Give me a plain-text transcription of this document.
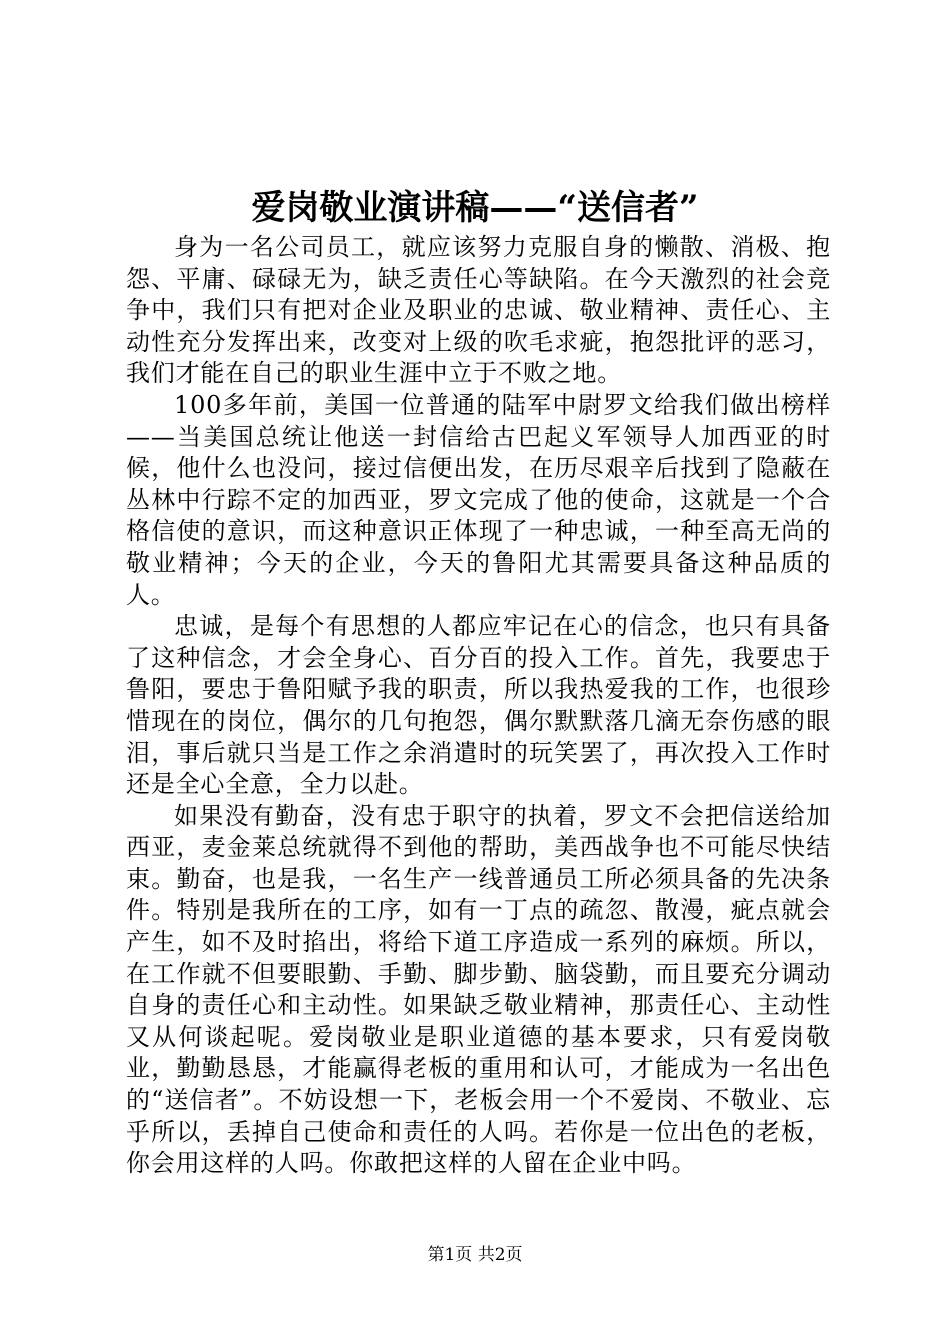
爱岗敬业演讲稿——“送信者”

身为一名公司员工，就应该努力克服自身的懒散、消极、抱怨、平庸、碌碌无为，缺乏责任心等缺陷。在今天激烈的社会竞争中，我们只有把对企业及职业的忠诚、敬业精神、责任心、主动性充分发挥出来，改变对上级的吹毛求疵，抱怨批评的恶习，我们才能在自己的职业生涯中立于不败之地。

100多年前，美国一位普通的陆军中尉罗文给我们做出榜样——当美国总统让他送一封信给古巴起义军领导人加西亚的时候，他什么也没问，接过信便出发，在历尽艰辛后找到了隐蔽在丛林中行踪不定的加西亚，罗文完成了他的使命，这就是一个合格信使的意识，而这种意识正体现了一种忠诚，一种至高无尚的敬业精神；今天的企业，今天的鲁阳尤其需要具备这种品质的人。

忠诚，是每个有思想的人都应牢记在心的信念，也只有具备了这种信念，才会全身心、百分百的投入工作。首先，我要忠于鲁阳，要忠于鲁阳赋予我的职责，所以我热爱我的工作，也很珍惜现在的岗位，偶尔的几句抱怨，偶尔默默落几滴无奈伤感的眼泪，事后就只当是工作之余消遣时的玩笑罢了，再次投入工作时还是全心全意，全力以赴。

如果没有勤奋，没有忠于职守的执着，罗文不会把信送给加西亚，麦金莱总统就得不到他的帮助，美西战争也不可能尽快结束。勤奋，也是我，一名生产一线普通员工所必须具备的先决条件。特别是我所在的工序，如有一丁点的疏忽、散漫，疵点就会产生，如不及时掐出，将给下道工序造成一系列的麻烦。所以，在工作就不但要眼勤、手勤、脚步勤、脑袋勤，而且要充分调动自身的责任心和主动性。如果缺乏敬业精神，那责任心、主动性又从何谈起呢。爱岗敬业是职业道德的基本要求，只有爱岗敬业，勤勤恳恳，才能赢得老板的重用和认可，才能成为一名出色的“送信者”。不妨设想一下，老板会用一个不爱岗、不敬业、忘乎所以，丢掉自己使命和责任的人吗。若你是一位出色的老板，你会用这样的人吗。你敢把这样的人留在企业中吗。

第1页 共2页
